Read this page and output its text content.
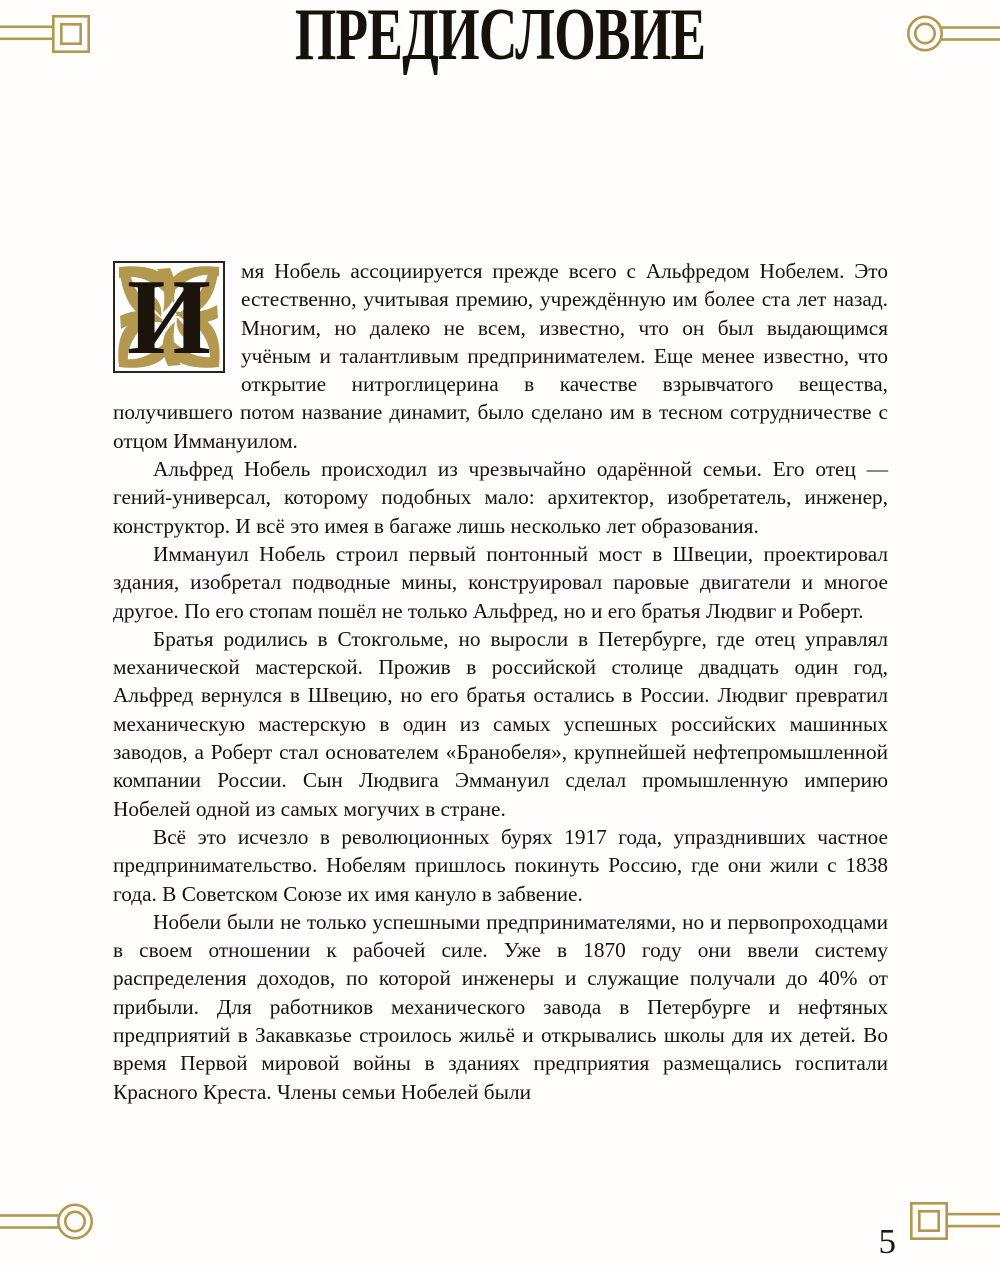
ПРЕДИСЛОВИЕ

И	мя Нобель ассоциируется прежде всего с Альфредом Нобелем. Это естественно, учитывая премию, учреждённую им более ста лет назад. Многим, но далеко не всем, известно, что он был выдающимся учёным и талантливым предпринимателем. Еще менее известно, что открытие нитроглицерина в качестве взрывчатого вещества, получившего потом название динамит, было сделано им в тесном сотрудничестве с отцом Иммануилом.

Альфред Нобель происходил из чрезвычайно одарённой семьи. Его отец — гений-универсал, которому подобных мало: архитектор, изобретатель, инженер, конструктор. И всё это имея в багаже лишь несколько лет образования.

Иммануил Нобель строил первый понтонный мост в Швеции, проектировал здания, изобретал подводные мины, конструировал паровые двигатели и многое другое. По его стопам пошёл не только Альфред, но и его братья Людвиг и Роберт.

Братья родились в Стокгольме, но выросли в Петербурге, где отец управлял механической мастерской. Прожив в российской столице двадцать один год, Альфред вернулся в Швецию, но его братья остались в России. Людвиг превратил механическую мастерскую в один из самых успешных российских машинных заводов, а Роберт стал основателем «Бранобеля», крупнейшей нефтепромышленной компании России. Сын Людвига Эммануил сделал промышленную империю Нобелей одной из самых могучих в стране.

Всё это исчезло в революционных бурях 1917 года, упразднивших частное предпринимательство. Нобелям пришлось покинуть Россию, где они жили с 1838 года. В Советском Союзе их имя кануло в забвение.

Нобели были не только успешными предпринимателями, но и первопроходцами в своем отношении к рабочей силе. Уже в 1870 году они ввели систему распределения доходов, по которой инженеры и служащие получали до 40% от прибыли. Для работников механического завода в Петербурге и нефтяных предприятий в Закавказье строилось жильё и открывались школы для их детей. Во время Первой мировой войны в зданиях предприятия размещались госпитали Красного Креста. Члены семьи Нобелей были

5
